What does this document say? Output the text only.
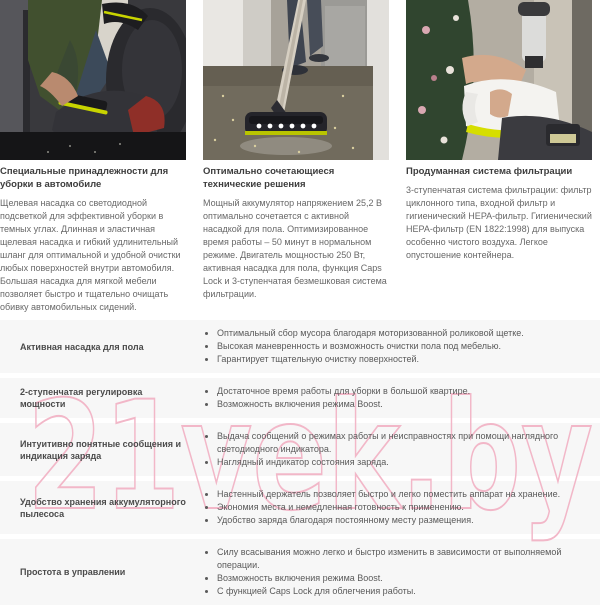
Специальные принадлежности для уборки в автомобиле

Щелевая насадка со светодиодной подсветкой для эффективной уборки в темных углах. Длинная и эластичная щелевая насадка и гибкий удлинительный шланг для оптимальной и удобной очистки любых поверхностей внутри автомобиля. Большая насадка для мягкой мебели позволяет быстро и тщательно очищать обивку автомобильных сидений.

Оптимально сочетающиеся технические решения

Мощный аккумулятор напряжением 25,2 В оптимально сочетается с активной насадкой для пола. Оптимизированное время работы – 50 минут в нормальном режиме. Двигатель мощностью 250 Вт, активная насадка для пола, функция Caps Lock и 3-ступенчатая безмешковая система фильтрации.

Продуманная система фильтрации

3-ступенчатая система фильтрации: фильтр циклонного типа, входной фильтр и гигиенический HEPA-фильтр. Гигиенический HEPA-фильтр (EN 1822:1998) для выпуска особенно чистого воздуха. Легкое опустошение контейнера.

Активная насадка для пола
• Оптимальный сбор мусора благодаря моторизованной роликовой щетке.
• Высокая маневренность и возможность очистки пола под мебелью.
• Гарантирует тщательную очистку поверхностей.
2-ступенчатая регулировка мощности
• Достаточное время работы для уборки в большой квартире.
• Возможность включения режима Boost.
Интуитивно понятные сообщения и индикация заряда
• Выдача сообщений о режимах работы и неисправностях при помощи наглядного светодиодного индикатора.
• Наглядный индикатор состояния заряда.
Удобство хранения аккумуляторного пылесоса
• Настенный держатель позволяет быстро и легко поместить аппарат на хранение.
• Экономия места и немедленная готовность к применению.
• Удобство заряда благодаря постоянному месту размещения.
Простота в управлении
• Силу всасывания можно легко и быстро изменить в зависимости от выполняемой операции.
• Возможность включения режима Boost.
• С функцией Caps Lock для облегчения работы.
21vek.by
